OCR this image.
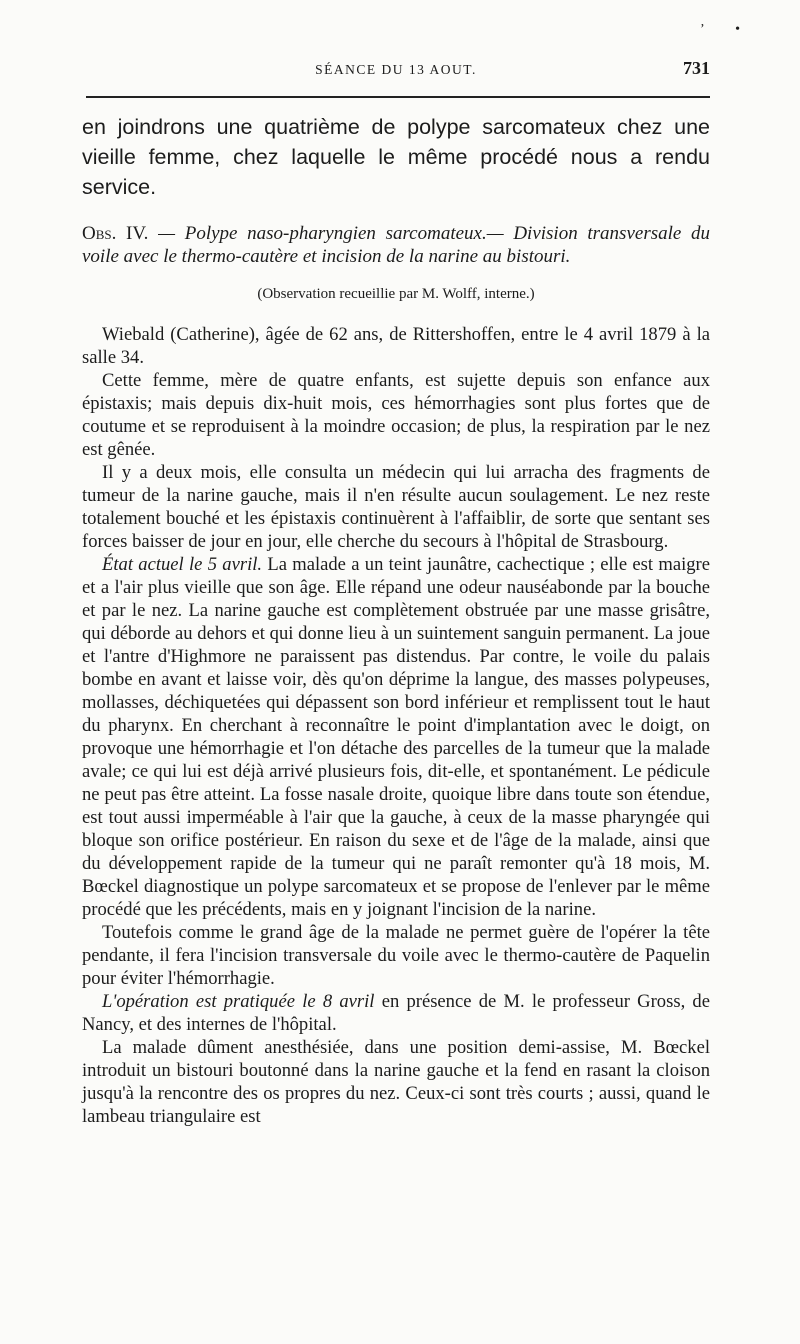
’ •
SÉANCE DU 13 AOUT.	731

en joindrons une quatrième de polype sarcomateux chez une vieille femme, chez laquelle le même procédé nous a rendu service.

Obs. IV. — Polype naso-pharyngien sarcomateux.— Division transversale du voile avec le thermo-cautère et incision de la narine au bistouri.
(Observation recueillie par M. Wolff, interne.)

Wiebald (Catherine), âgée de 62 ans, de Rittershoffen, entre le 4 avril 1879 à la salle 34.

Cette femme, mère de quatre enfants, est sujette depuis son enfance aux épistaxis; mais depuis dix-huit mois, ces hémorrhagies sont plus fortes que de coutume et se reproduisent à la moindre occasion; de plus, la respiration par le nez est gênée.

Il y a deux mois, elle consulta un médecin qui lui arracha des fragments de tumeur de la narine gauche, mais il n'en résulte aucun soulagement. Le nez reste totalement bouché et les épistaxis continuèrent à l'affaiblir, de sorte que sentant ses forces baisser de jour en jour, elle cherche du secours à l'hôpital de Strasbourg.

État actuel le 5 avril. La malade a un teint jaunâtre, cachectique ; elle est maigre et a l'air plus vieille que son âge. Elle répand une odeur nauséabonde par la bouche et par le nez. La narine gauche est complètement obstruée par une masse grisâtre, qui déborde au dehors et qui donne lieu à un suintement sanguin permanent. La joue et l'antre d'Highmore ne paraissent pas distendus. Par contre, le voile du palais bombe en avant et laisse voir, dès qu'on déprime la langue, des masses polypeuses, mollasses, déchiquetées qui dépassent son bord inférieur et remplissent tout le haut du pharynx. En cherchant à reconnaître le point d'implantation avec le doigt, on provoque une hémorrhagie et l'on détache des parcelles de la tumeur que la malade avale; ce qui lui est déjà arrivé plusieurs fois, dit-elle, et spontanément. Le pédicule ne peut pas être atteint. La fosse nasale droite, quoique libre dans toute son étendue, est tout aussi imperméable à l'air que la gauche, à ceux de la masse pharyngée qui bloque son orifice postérieur. En raison du sexe et de l'âge de la malade, ainsi que du développement rapide de la tumeur qui ne paraît remonter qu'à 18 mois, M. Bœckel diagnostique un polype sarcomateux et se propose de l'enlever par le même procédé que les précédents, mais en y joignant l'incision de la narine.

Toutefois comme le grand âge de la malade ne permet guère de l'opérer la tête pendante, il fera l'incision transversale du voile avec le thermo-cautère de Paquelin pour éviter l'hémorrhagie.

L'opération est pratiquée le 8 avril en présence de M. le professeur Gross, de Nancy, et des internes de l'hôpital.

La malade dûment anesthésiée, dans une position demi-assise, M. Bœckel introduit un bistouri boutonné dans la narine gauche et la fend en rasant la cloison jusqu'à la rencontre des os propres du nez. Ceux-ci sont très courts ; aussi, quand le lambeau triangulaire est
